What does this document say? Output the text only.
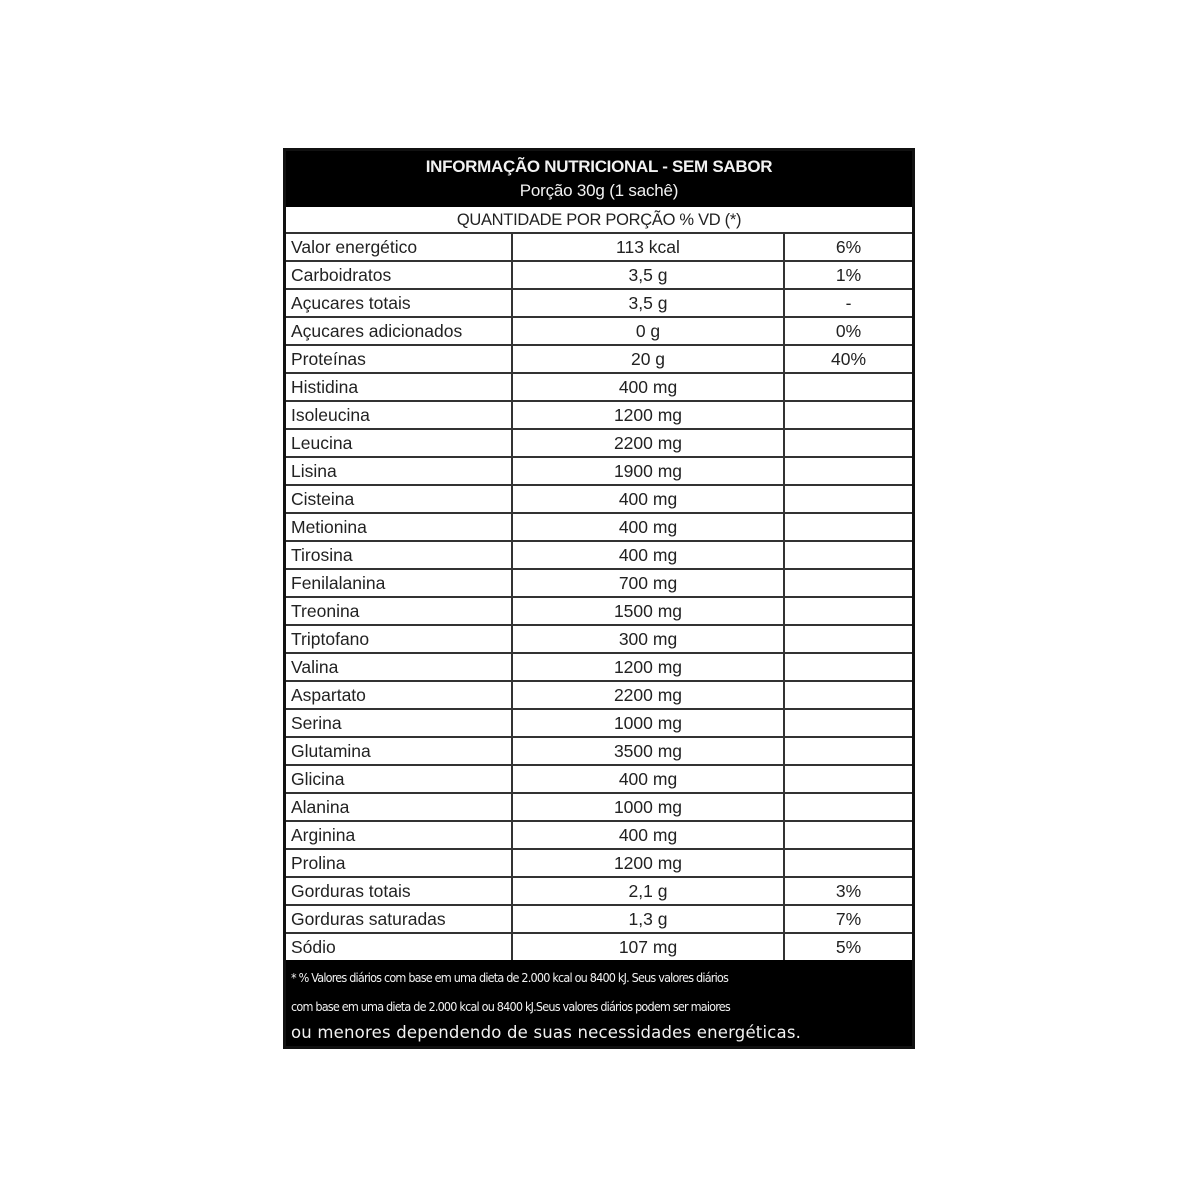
INFORMAÇÃO NUTRICIONAL - SEM SABOR
Porção 30g (1 sachê)
QUANTIDADE POR PORÇÃO % VD (*)
Valor energético	113 kcal	6%
Carboidratos	3,5 g	1%
Açucares totais	3,5 g	-
Açucares adicionados	0 g	0%
Proteínas	20 g	40%
Histidina	400 mg	
Isoleucina	1200 mg	
Leucina	2200 mg	
Lisina	1900 mg	
Cisteina	400 mg	
Metionina	400 mg	
Tirosina	400 mg	
Fenilalanina	700 mg	
Treonina	1500 mg	
Triptofano	300 mg	
Valina	1200 mg	
Aspartato	2200 mg	
Serina	1000 mg	
Glutamina	3500 mg	
Glicina	400 mg	
Alanina	1000 mg	
Arginina	400 mg	
Prolina	1200 mg	
Gorduras totais	2,1 g	3%
Gorduras saturadas	1,3 g	7%
Sódio	107 mg	5%
* % Valores diários com base em uma dieta de 2.000 kcal ou 8400 kJ. Seus valores diários
com base em uma dieta de 2.000 kcal ou 8400 kJ.Seus valores diários podem ser maiores
ou menores dependendo de suas necessidades energéticas.
